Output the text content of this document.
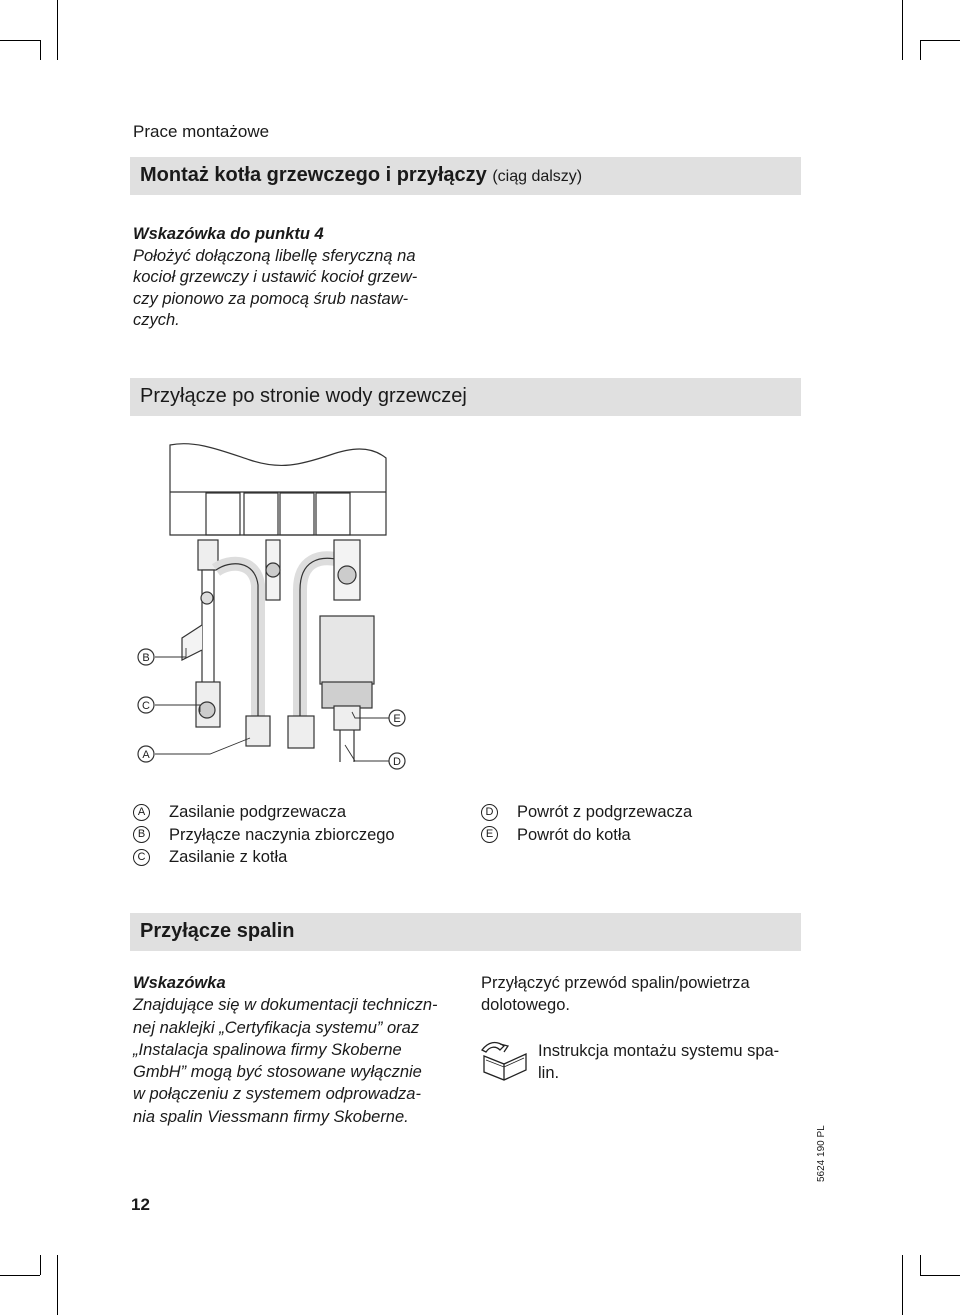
Prace montażowe
Montaż kotła grzewczego i przyłączy (ciąg dalszy)
Wskazówka do punktu 4
Położyć dołączoną libellę sferyczną na
kocioł grzewczy i ustawić kocioł grzew-
czy pionowo za pomocą śrub nastaw-
czych.
Przyłącze po stronie wody grzewczej
B
C
A
E
D
A Zasilanie podgrzewacza
B Przyłącze naczynia zbiorczego
C Zasilanie z kotła
D Powrót z podgrzewacza
E Powrót do kotła
Przyłącze spalin
Wskazówka
Znajdujące się w dokumentacji techniczn-
nej naklejki „Certyfikacja systemu” oraz
„Instalacja spalinowa firmy Skoberne
GmbH” mogą być stosowane wyłącznie
w połączeniu z systemem odprowadza-
nia spalin Viessmann firmy Skoberne.
Przyłączyć przewód spalin/powietrza
dolotowego.
Instrukcja montażu systemu spa-
lin.
12
5624 190 PL
